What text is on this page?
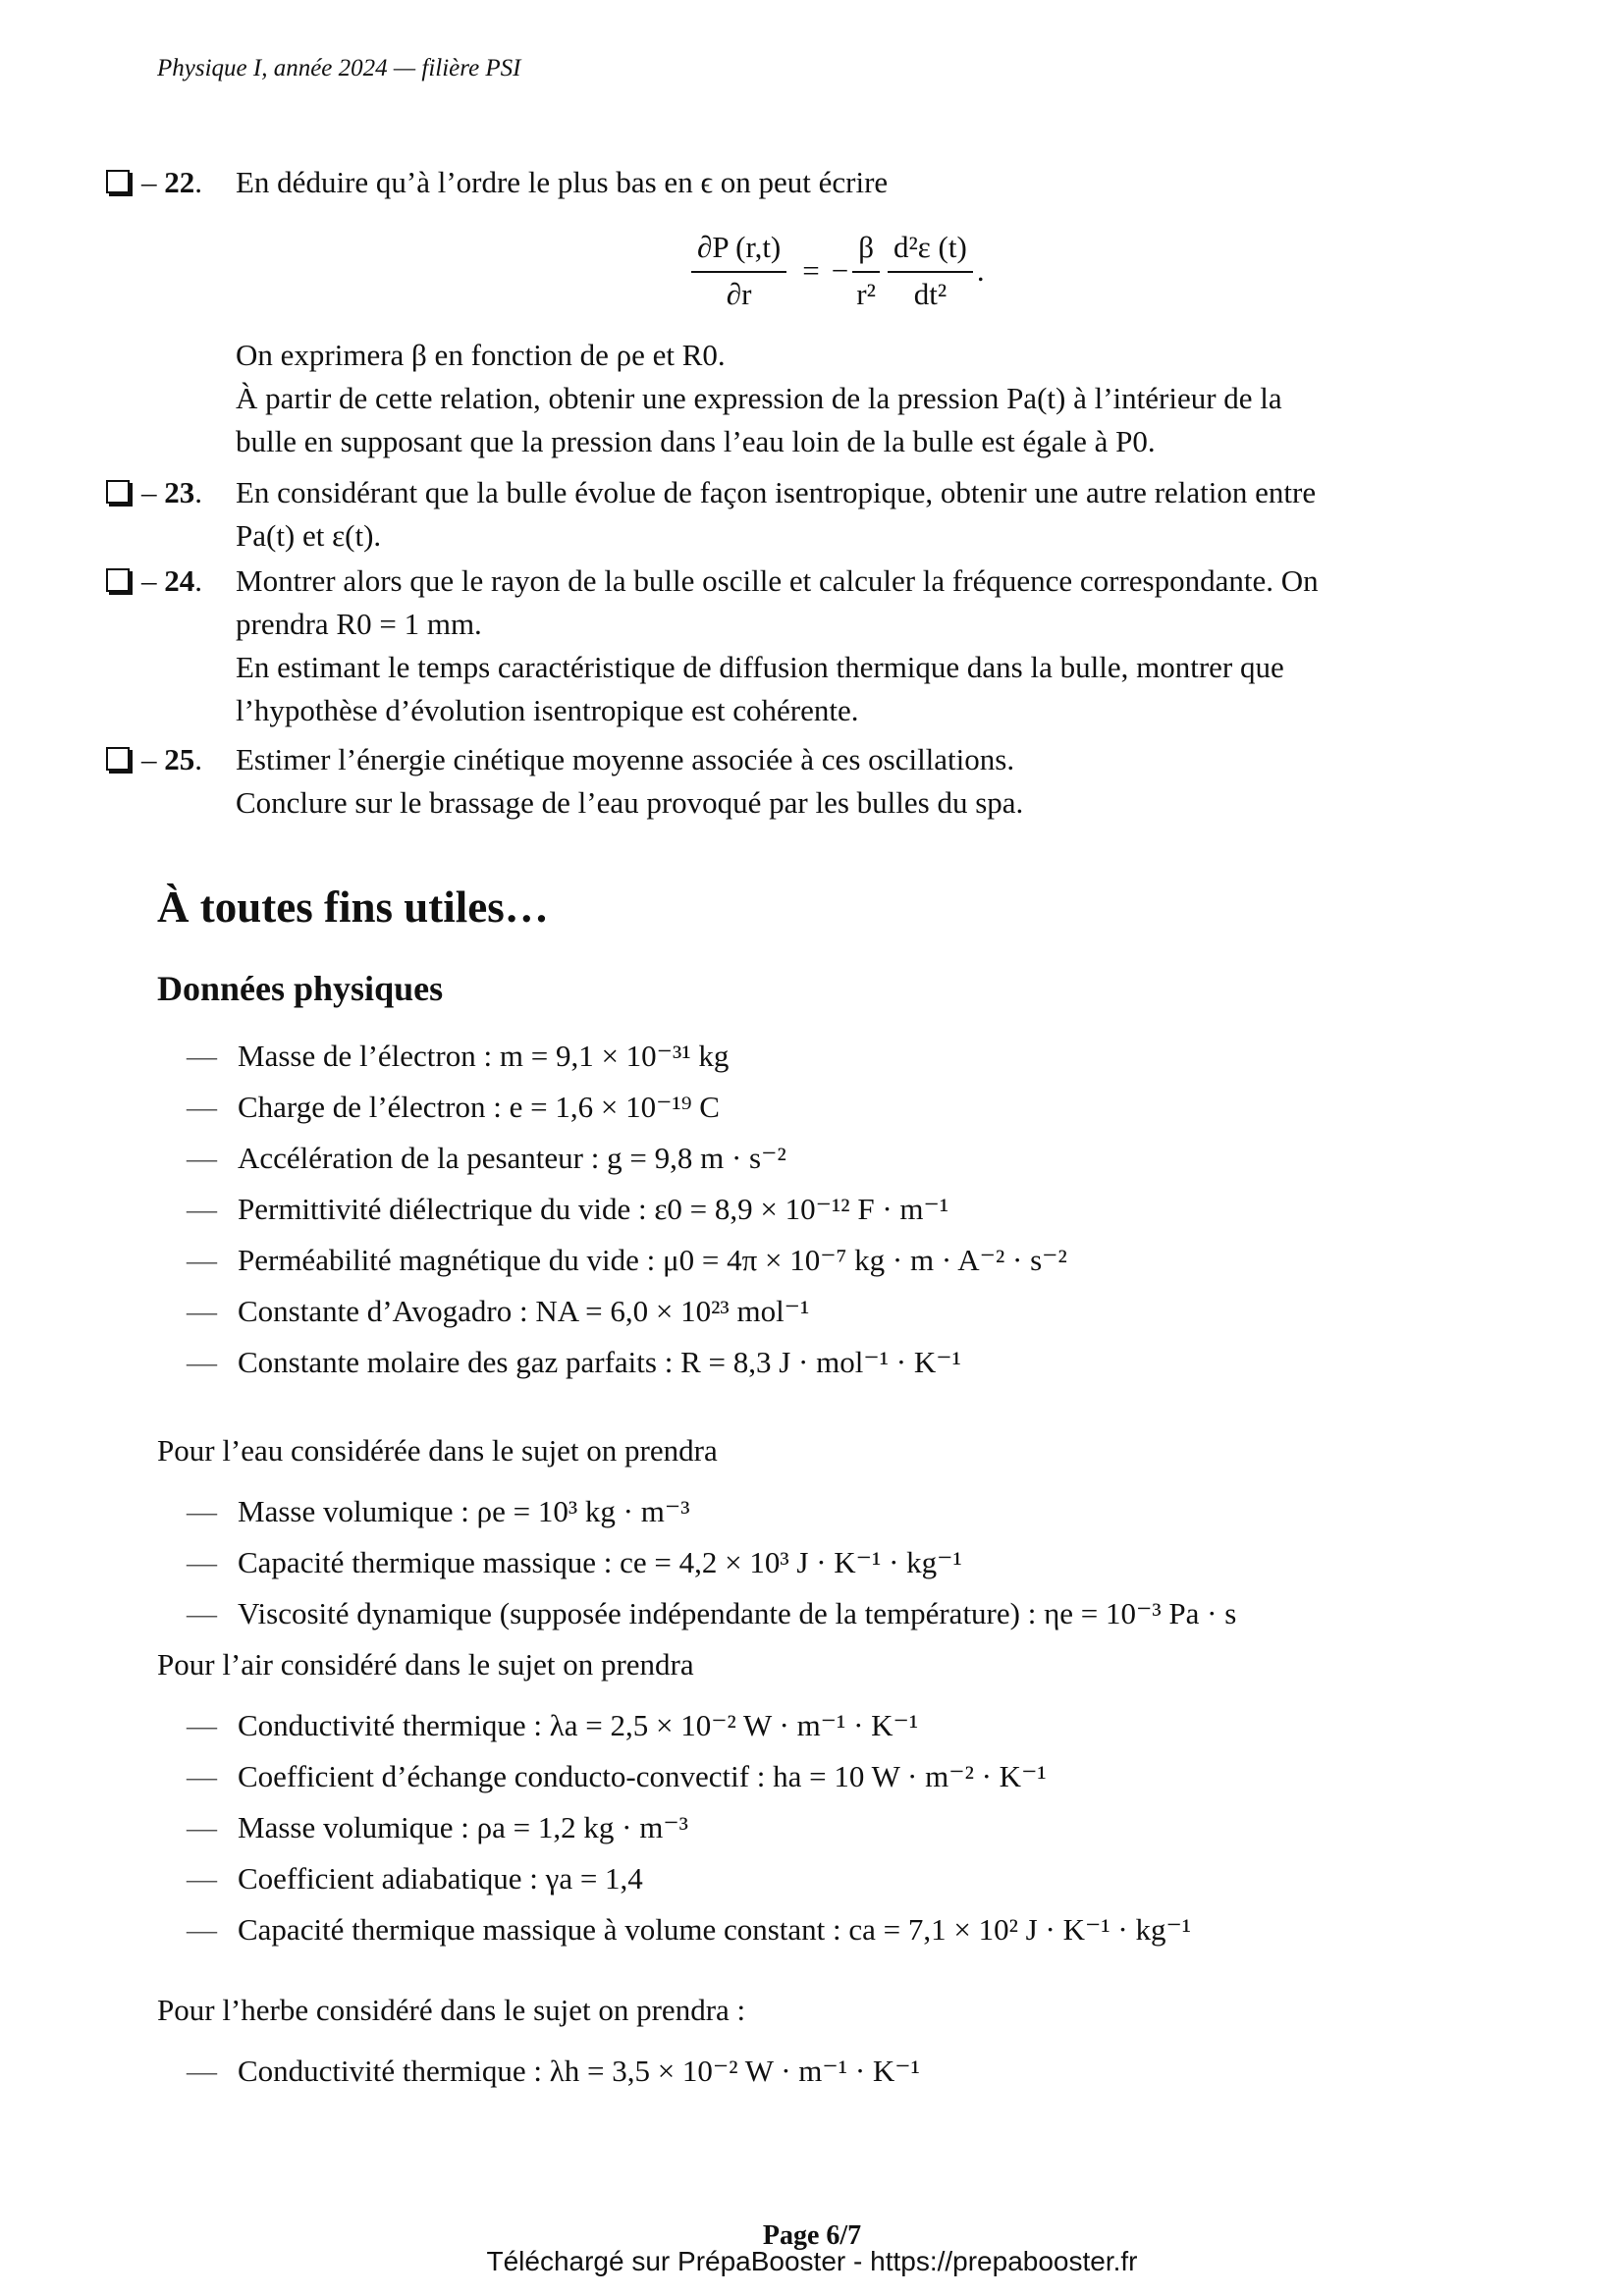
Physique I, année 2024 — filière PSI
– 22. En déduire qu’à l’ordre le plus bas en ϵ on peut écrire

$\frac{\partial P (r,t)}{\partial r}$ = − $\frac{\beta}{\text{r²}} \frac{\text{d²ε (t)}}{\text{dt²}}$ .

On exprimera β en fonction de ρe et R0.

À partir de cette relation, obtenir une expression de la pression Pa(t) à l’intérieur de la

bulle en supposant que la pression dans l’eau loin de la bulle est égale à P0.

– 23. En considérant que la bulle évolue de façon isentropique, obtenir une autre relation entre

Pa(t) et ε(t).

– 24. Montrer alors que le rayon de la bulle oscille et calculer la fréquence correspondante. On

prendra R0 = 1 mm.

En estimant le temps caractéristique de diffusion thermique dans la bulle, montrer que

l’hypothèse d’évolution isentropique est cohérente.

– 25. Estimer l’énergie cinétique moyenne associée à ces oscillations.

Conclure sur le brassage de l’eau provoqué par les bulles du spa.

À toutes fins utiles…
Données physiques
— Masse de l’électron : m = 9,1 × 10⁻³¹ kg
— Charge de l’électron : e = 1,6 × 10⁻¹⁹ C
— Accélération de la pesanteur : g = 9,8 m · s⁻²
— Permittivité diélectrique du vide : ε0 = 8,9 × 10⁻¹² F · m⁻¹
— Perméabilité magnétique du vide : μ0 = 4π × 10⁻⁷ kg · m · A⁻² · s⁻²
— Constante d’Avogadro : NA = 6,0 × 10²³ mol⁻¹
— Constante molaire des gaz parfaits : R = 8,3 J · mol⁻¹ · K⁻¹
Pour l’eau considérée dans le sujet on prendra
— Masse volumique : ρe = 10³ kg · m⁻³
— Capacité thermique massique : ce = 4,2 × 10³ J · K⁻¹ · kg⁻¹
— Viscosité dynamique (supposée indépendante de la température) : ηe = 10⁻³ Pa · s
Pour l’air considéré dans le sujet on prendra
— Conductivité thermique : λa = 2,5 × 10⁻² W · m⁻¹ · K⁻¹
— Coefficient d’échange conducto-convectif : ha = 10 W · m⁻² · K⁻¹
— Masse volumique : ρa = 1,2 kg · m⁻³
— Coefficient adiabatique : γa = 1,4
— Capacité thermique massique à volume constant : ca = 7,1 × 10² J · K⁻¹ · kg⁻¹
Pour l’herbe considéré dans le sujet on prendra :
— Conductivité thermique : λh = 3,5 × 10⁻² W · m⁻¹ · K⁻¹
Page 6/7
Téléchargé sur PrépaBooster - https://prepabooster.fr
